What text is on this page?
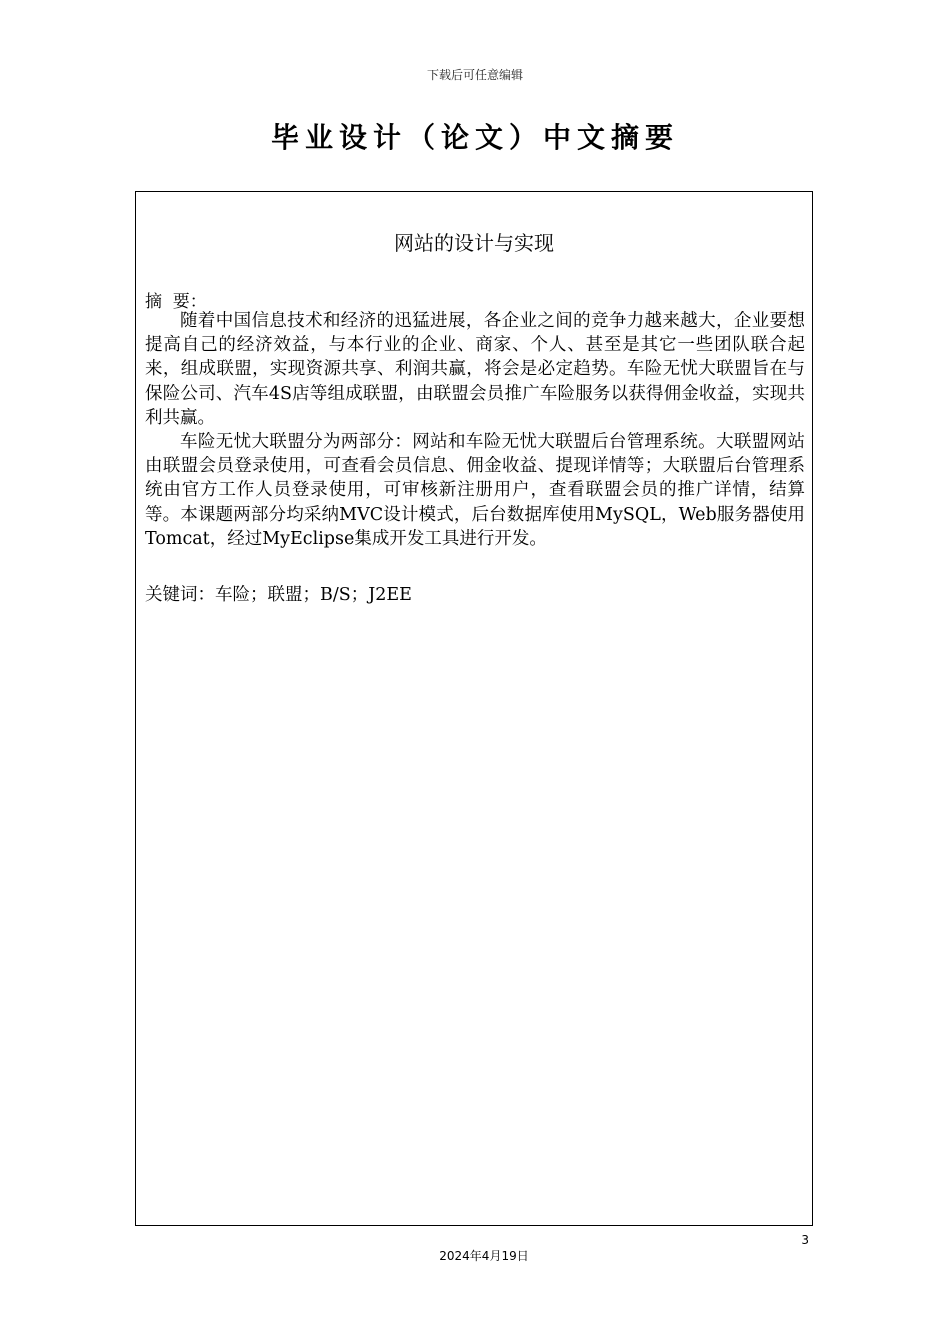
下载后可任意编辑
毕业设计（论文）中文摘要
网站的设计与实现
摘  要：

随着中国信息技术和经济的迅猛进展，各企业之间的竞争力越来越大，企业要想提高自己的经济效益，与本行业的企业、商家、个人、甚至是其它一些团队联合起来，组成联盟，实现资源共享、利润共赢，将会是必定趋势。车险无忧大联盟旨在与保险公司、汽车4S店等组成联盟，由联盟会员推广车险服务以获得佣金收益，实现共利共赢。

车险无忧大联盟分为两部分：网站和车险无忧大联盟后台管理系统。大联盟网站由联盟会员登录使用，可查看会员信息、佣金收益、提现详情等；大联盟后台管理系统由官方工作人员登录使用，可审核新注册用户，查看联盟会员的推广详情，结算等。本课题两部分均采纳MVC设计模式，后台数据库使用MySQL，Web服务器使用Tomcat，经过MyEclipse集成开发工具进行开发。

关键词：车险；联盟；B/S；J2EE
3
2024年4月19日
